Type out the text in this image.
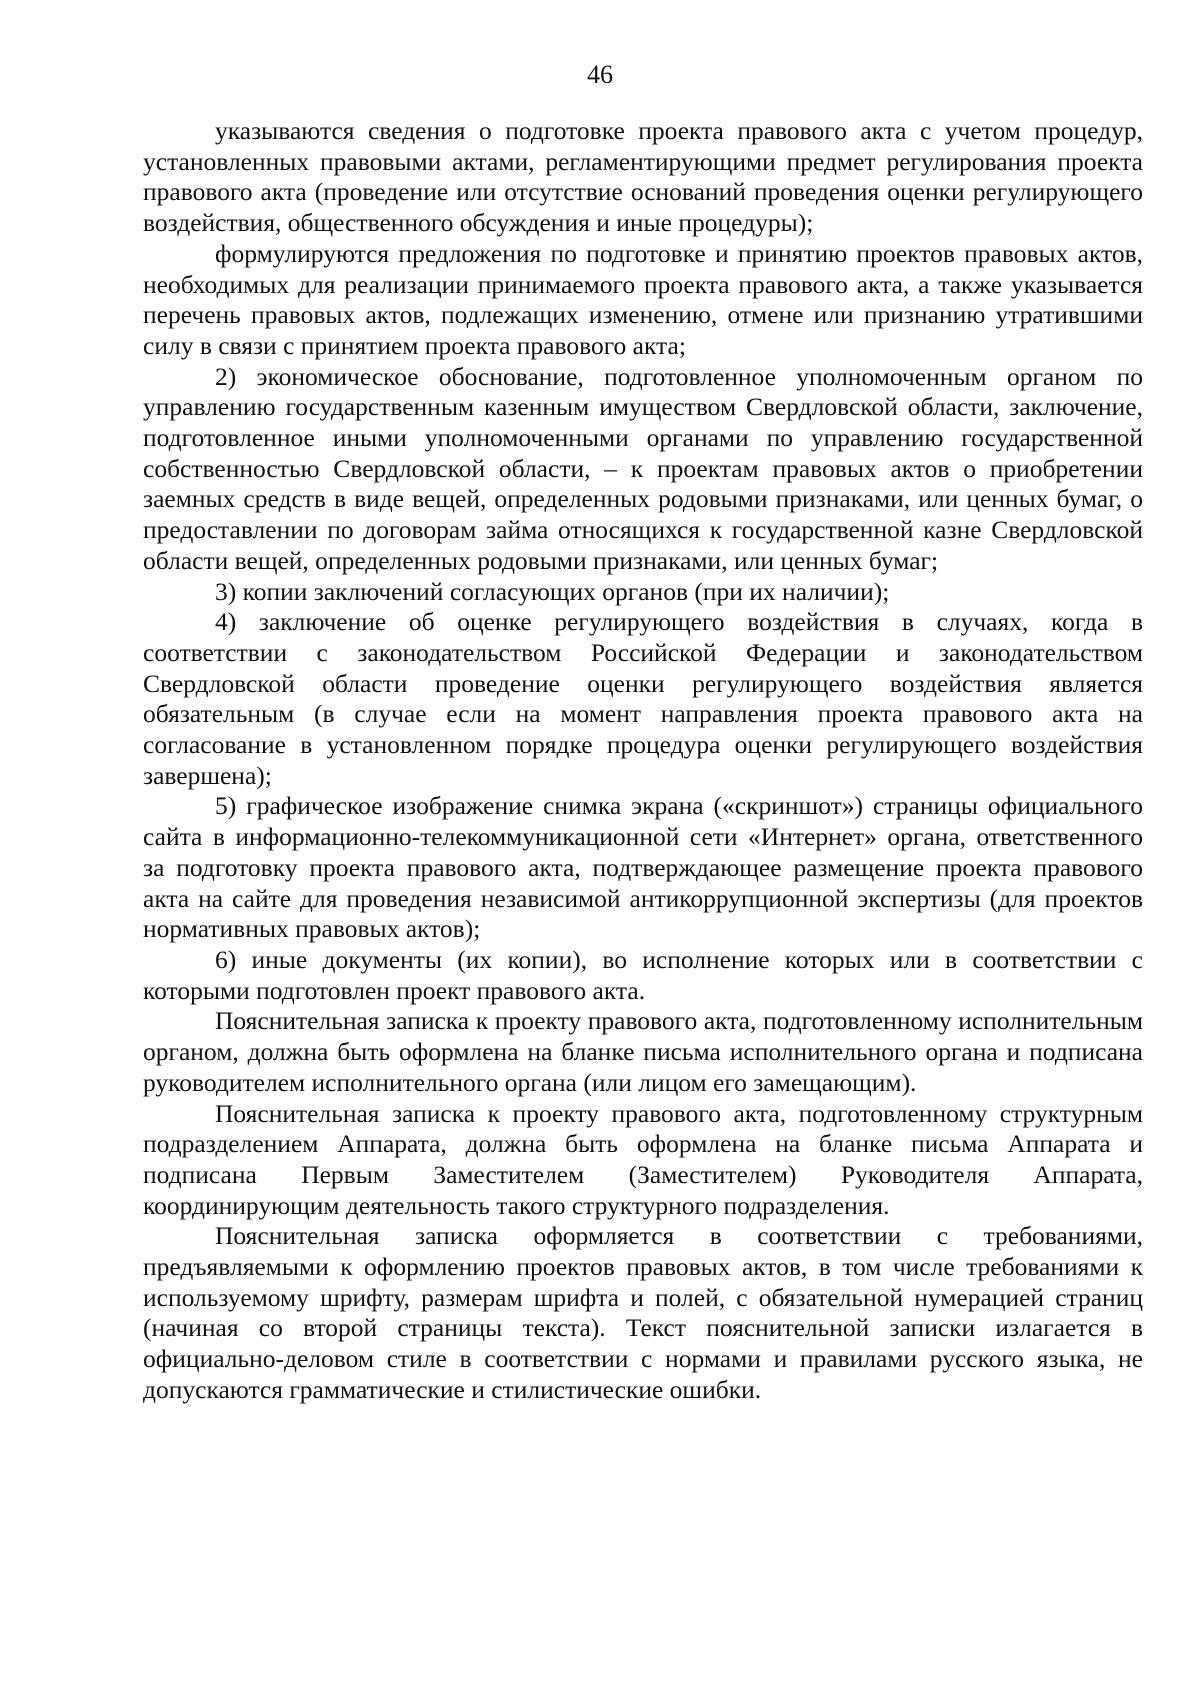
46

указываются сведения о подготовке проекта правового акта с учетом процедур, установленных правовыми актами, регламентирующими предмет регулирования проекта правового акта (проведение или отсутствие оснований проведения оценки регулирующего воздействия, общественного обсуждения и иные процедуры);

формулируются предложения по подготовке и принятию проектов правовых актов, необходимых для реализации принимаемого проекта правового акта, а также указывается перечень правовых актов, подлежащих изменению, отмене или признанию утратившими силу в связи с принятием проекта правового акта;

2) экономическое обоснование, подготовленное уполномоченным органом по управлению государственным казенным имуществом Свердловской области, заключение, подготовленное иными уполномоченными органами по управлению государственной собственностью Свердловской области, – к проектам правовых актов о приобретении заемных средств в виде вещей, определенных родовыми признаками, или ценных бумаг, о предоставлении по договорам займа относящихся к государственной казне Свердловской области вещей, определенных родовыми признаками, или ценных бумаг;

3) копии заключений согласующих органов (при их наличии);

4) заключение об оценке регулирующего воздействия в случаях, когда в соответствии с законодательством Российской Федерации и законодательством Свердловской области проведение оценки регулирующего воздействия является обязательным (в случае если на момент направления проекта правового акта на согласование в установленном порядке процедура оценки регулирующего воздействия завершена);

5) графическое изображение снимка экрана («скриншот») страницы официального сайта в информационно-телекоммуникационной сети «Интернет» органа, ответственного за подготовку проекта правового акта, подтверждающее размещение проекта правового акта на сайте для проведения независимой антикоррупционной экспертизы (для проектов нормативных правовых актов);

6) иные документы (их копии), во исполнение которых или в соответствии с которыми подготовлен проект правового акта.

Пояснительная записка к проекту правового акта, подготовленному исполнительным органом, должна быть оформлена на бланке письма исполнительного органа и подписана руководителем исполнительного органа (или лицом его замещающим).

Пояснительная записка к проекту правового акта, подготовленному структурным подразделением Аппарата, должна быть оформлена на бланке письма Аппарата и подписана Первым Заместителем (Заместителем) Руководителя Аппарата, координирующим деятельность такого структурного подразделения.

Пояснительная записка оформляется в соответствии с требованиями, предъявляемыми к оформлению проектов правовых актов, в том числе требованиями к используемому шрифту, размерам шрифта и полей, с обязательной нумерацией страниц (начиная со второй страницы текста). Текст пояснительной записки излагается в официально-деловом стиле в соответствии с нормами и правилами русского языка, не допускаются грамматические и стилистические ошибки.
